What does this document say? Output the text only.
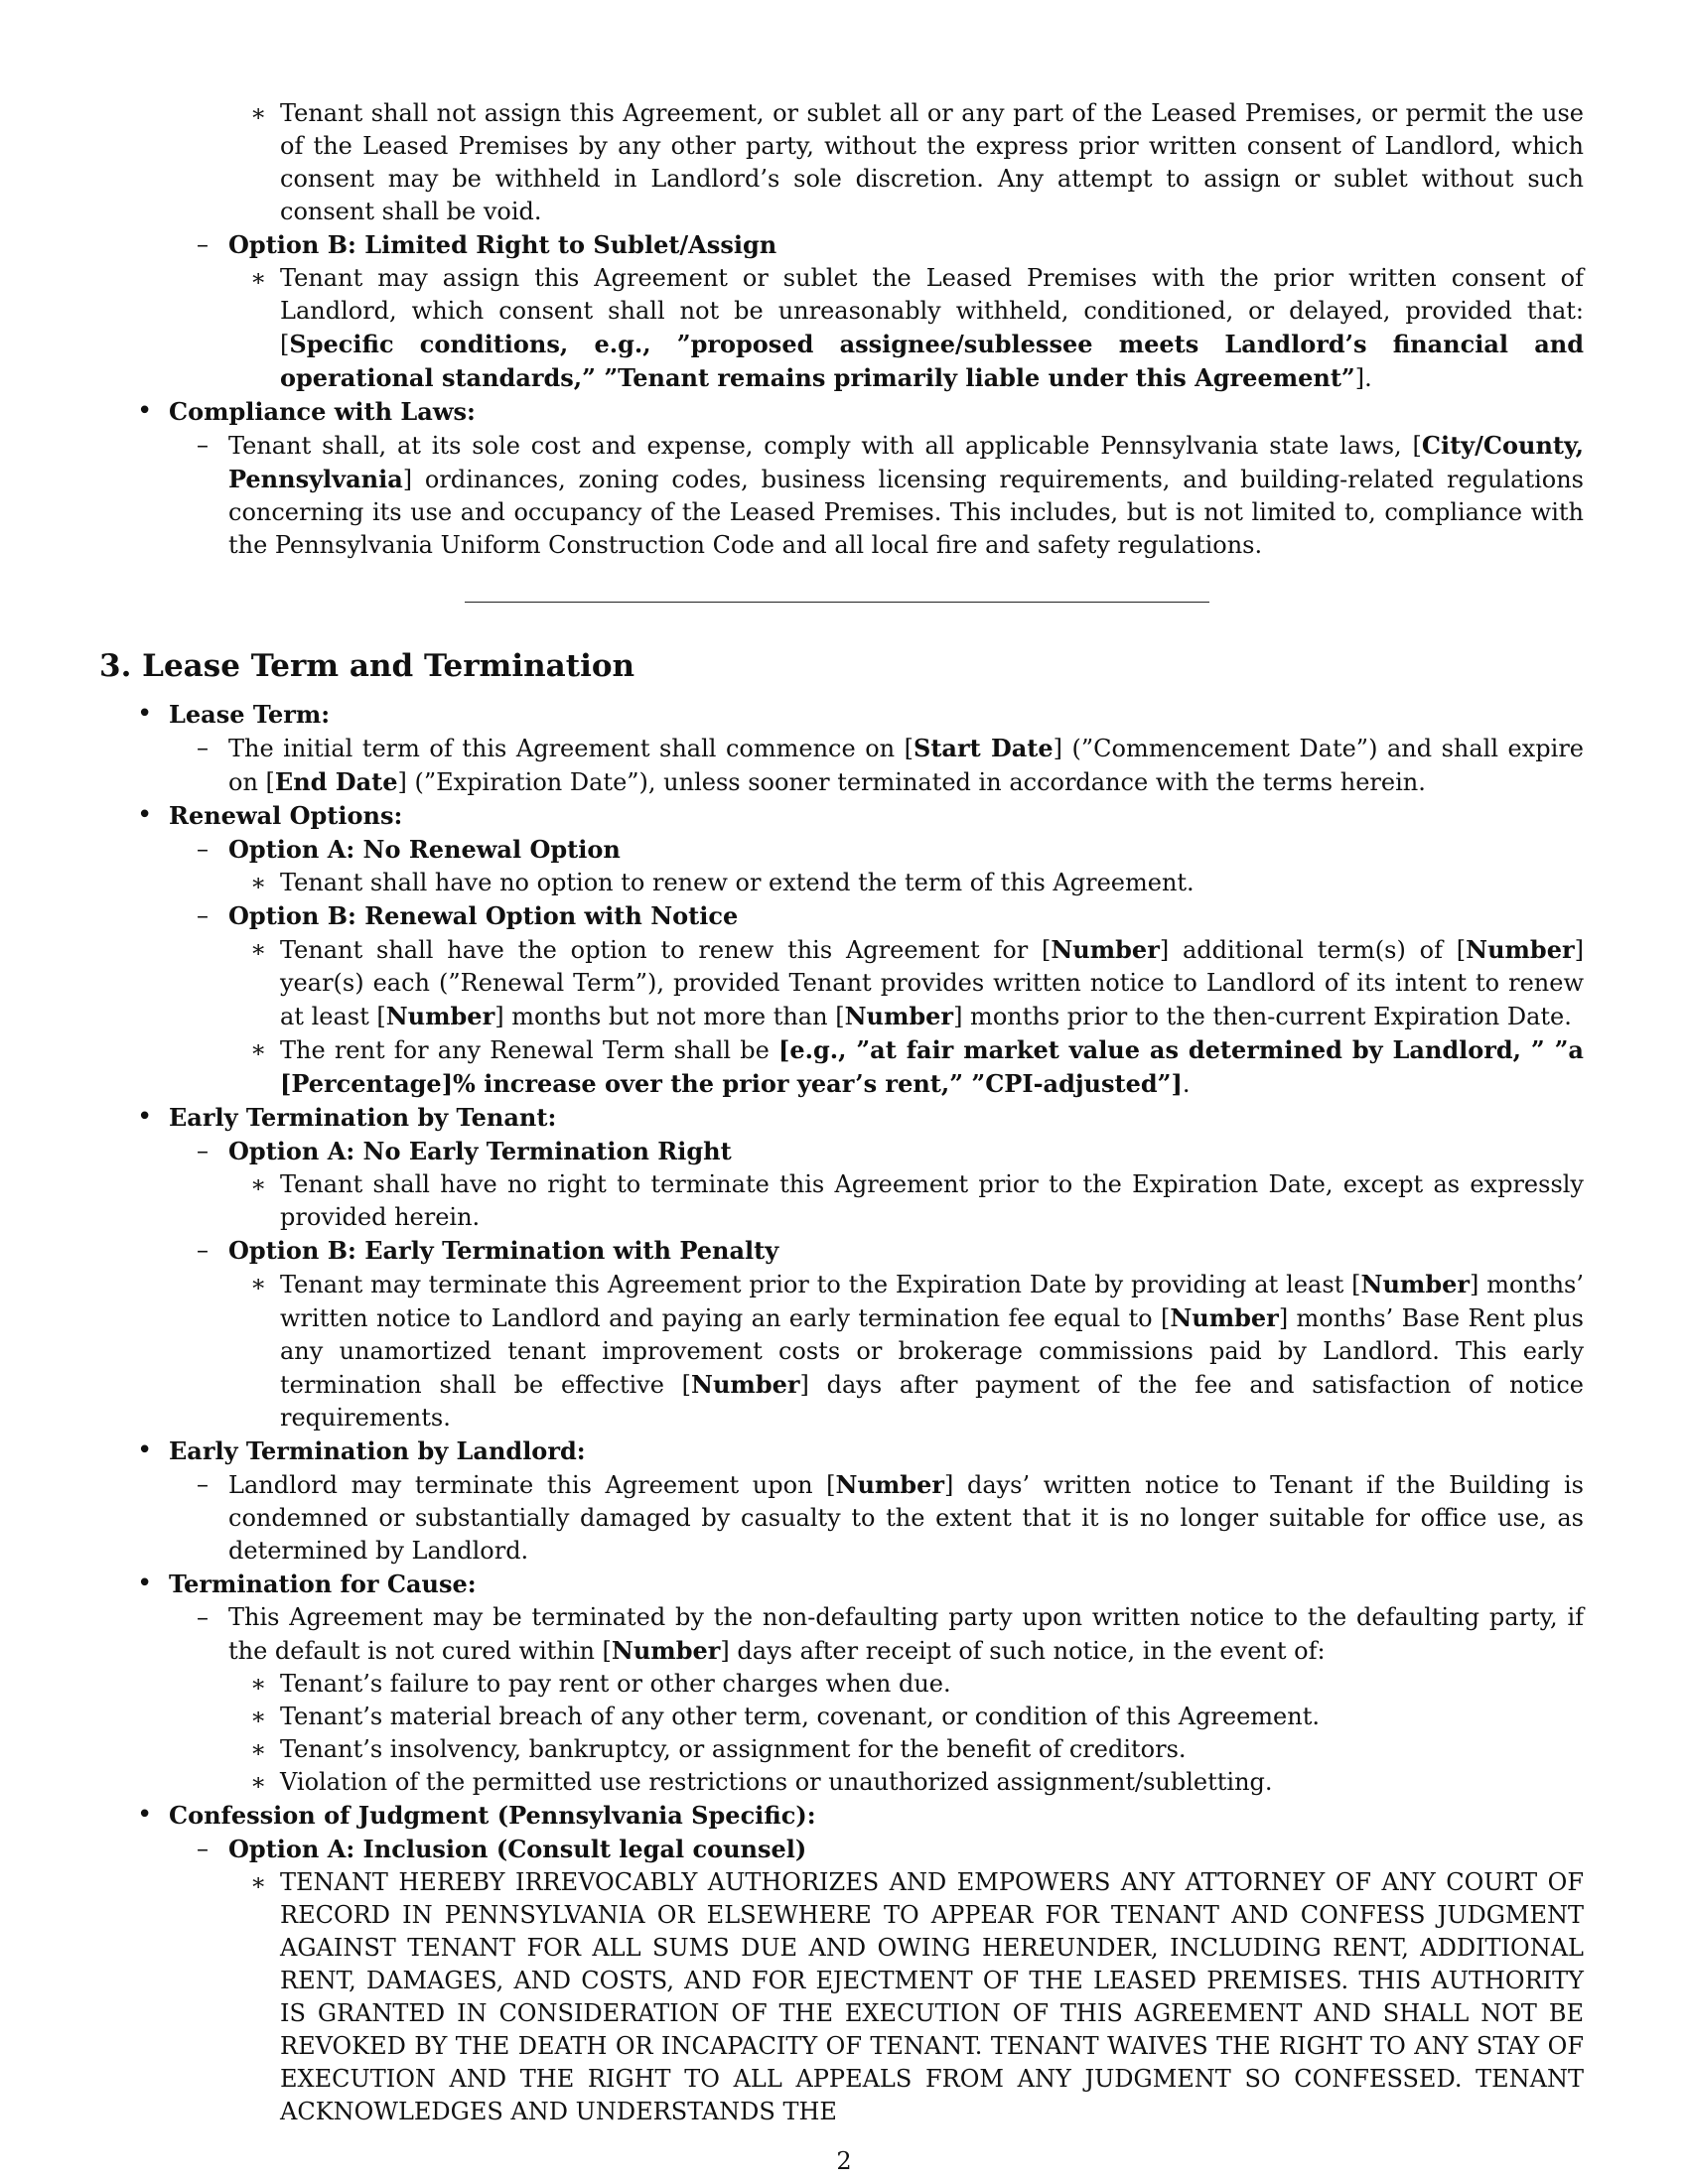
∗ Tenant shall not assign this Agreement, or sublet all or any part of the Leased Premises, or permit the use of the Leased Premises by any other party, without the express prior written consent of Landlord, which consent may be withheld in Landlord’s sole discretion. Any attempt to assign or sublet without such consent shall be void.
– Option B: Limited Right to Sublet/Assign
∗ Tenant may assign this Agreement or sublet the Leased Premises with the prior written consent of Landlord, which consent shall not be unreasonably withheld, conditioned, or delayed, provided that: [Specific conditions, e.g., ”proposed assignee/sublessee meets Landlord’s financial and operational standards,” ”Tenant remains primarily liable under this Agreement”].
• Compliance with Laws:
– Tenant shall, at its sole cost and expense, comply with all applicable Pennsylvania state laws, [City/County, Pennsylvania] ordinances, zoning codes, business licensing requirements, and building-related regulations concerning its use and occupancy of the Leased Premises. This includes, but is not limited to, compliance with the Pennsylvania Uniform Construction Code and all local fire and safety regulations.
3. Lease Term and Termination
• Lease Term:
– The initial term of this Agreement shall commence on [Start Date] (”Commencement Date”) and shall expire on [End Date] (”Expiration Date”), unless sooner terminated in accordance with the terms herein.
• Renewal Options:
– Option A: No Renewal Option
∗ Tenant shall have no option to renew or extend the term of this Agreement.
– Option B: Renewal Option with Notice
∗ Tenant shall have the option to renew this Agreement for [Number] additional term(s) of [Number] year(s) each (”Renewal Term”), provided Tenant provides written notice to Landlord of its intent to renew at least [Number] months but not more than [Number] months prior to the then-current Expiration Date.
∗ The rent for any Renewal Term shall be [e.g., ”at fair market value as determined by Landlord, ” ”a [Percentage]% increase over the prior year’s rent,” ”CPI-adjusted”].
• Early Termination by Tenant:
– Option A: No Early Termination Right
∗ Tenant shall have no right to terminate this Agreement prior to the Expiration Date, except as expressly provided herein.
– Option B: Early Termination with Penalty
∗ Tenant may terminate this Agreement prior to the Expiration Date by providing at least [Number] months’ written notice to Landlord and paying an early termination fee equal to [Number] months’ Base Rent plus any unamortized tenant improvement costs or brokerage commissions paid by Landlord. This early termination shall be effective [Number] days after payment of the fee and satisfaction of notice requirements.
• Early Termination by Landlord:
– Landlord may terminate this Agreement upon [Number] days’ written notice to Tenant if the Building is condemned or substantially damaged by casualty to the extent that it is no longer suitable for office use, as determined by Landlord.
• Termination for Cause:
– This Agreement may be terminated by the non-defaulting party upon written notice to the defaulting party, if the default is not cured within [Number] days after receipt of such notice, in the event of:
∗ Tenant’s failure to pay rent or other charges when due.
∗ Tenant’s material breach of any other term, covenant, or condition of this Agreement.
∗ Tenant’s insolvency, bankruptcy, or assignment for the benefit of creditors.
∗ Violation of the permitted use restrictions or unauthorized assignment/subletting.
• Confession of Judgment (Pennsylvania Specific):
– Option A: Inclusion (Consult legal counsel)
∗ TENANT HEREBY IRREVOCABLY AUTHORIZES AND EMPOWERS ANY ATTORNEY OF ANY COURT OF RECORD IN PENNSYLVANIA OR ELSEWHERE TO APPEAR FOR TENANT AND CONFESS JUDGMENT AGAINST TENANT FOR ALL SUMS DUE AND OWING HEREUNDER, INCLUDING RENT, ADDITIONAL RENT, DAMAGES, AND COSTS, AND FOR EJECTMENT OF THE LEASED PREMISES. THIS AUTHORITY IS GRANTED IN CONSIDERATION OF THE EXECUTION OF THIS AGREEMENT AND SHALL NOT BE REVOKED BY THE DEATH OR INCAPACITY OF TENANT. TENANT WAIVES THE RIGHT TO ANY STAY OF EXECUTION AND THE RIGHT TO ALL APPEALS FROM ANY JUDGMENT SO CONFESSED. TENANT ACKNOWLEDGES AND UNDERSTANDS THE
2
